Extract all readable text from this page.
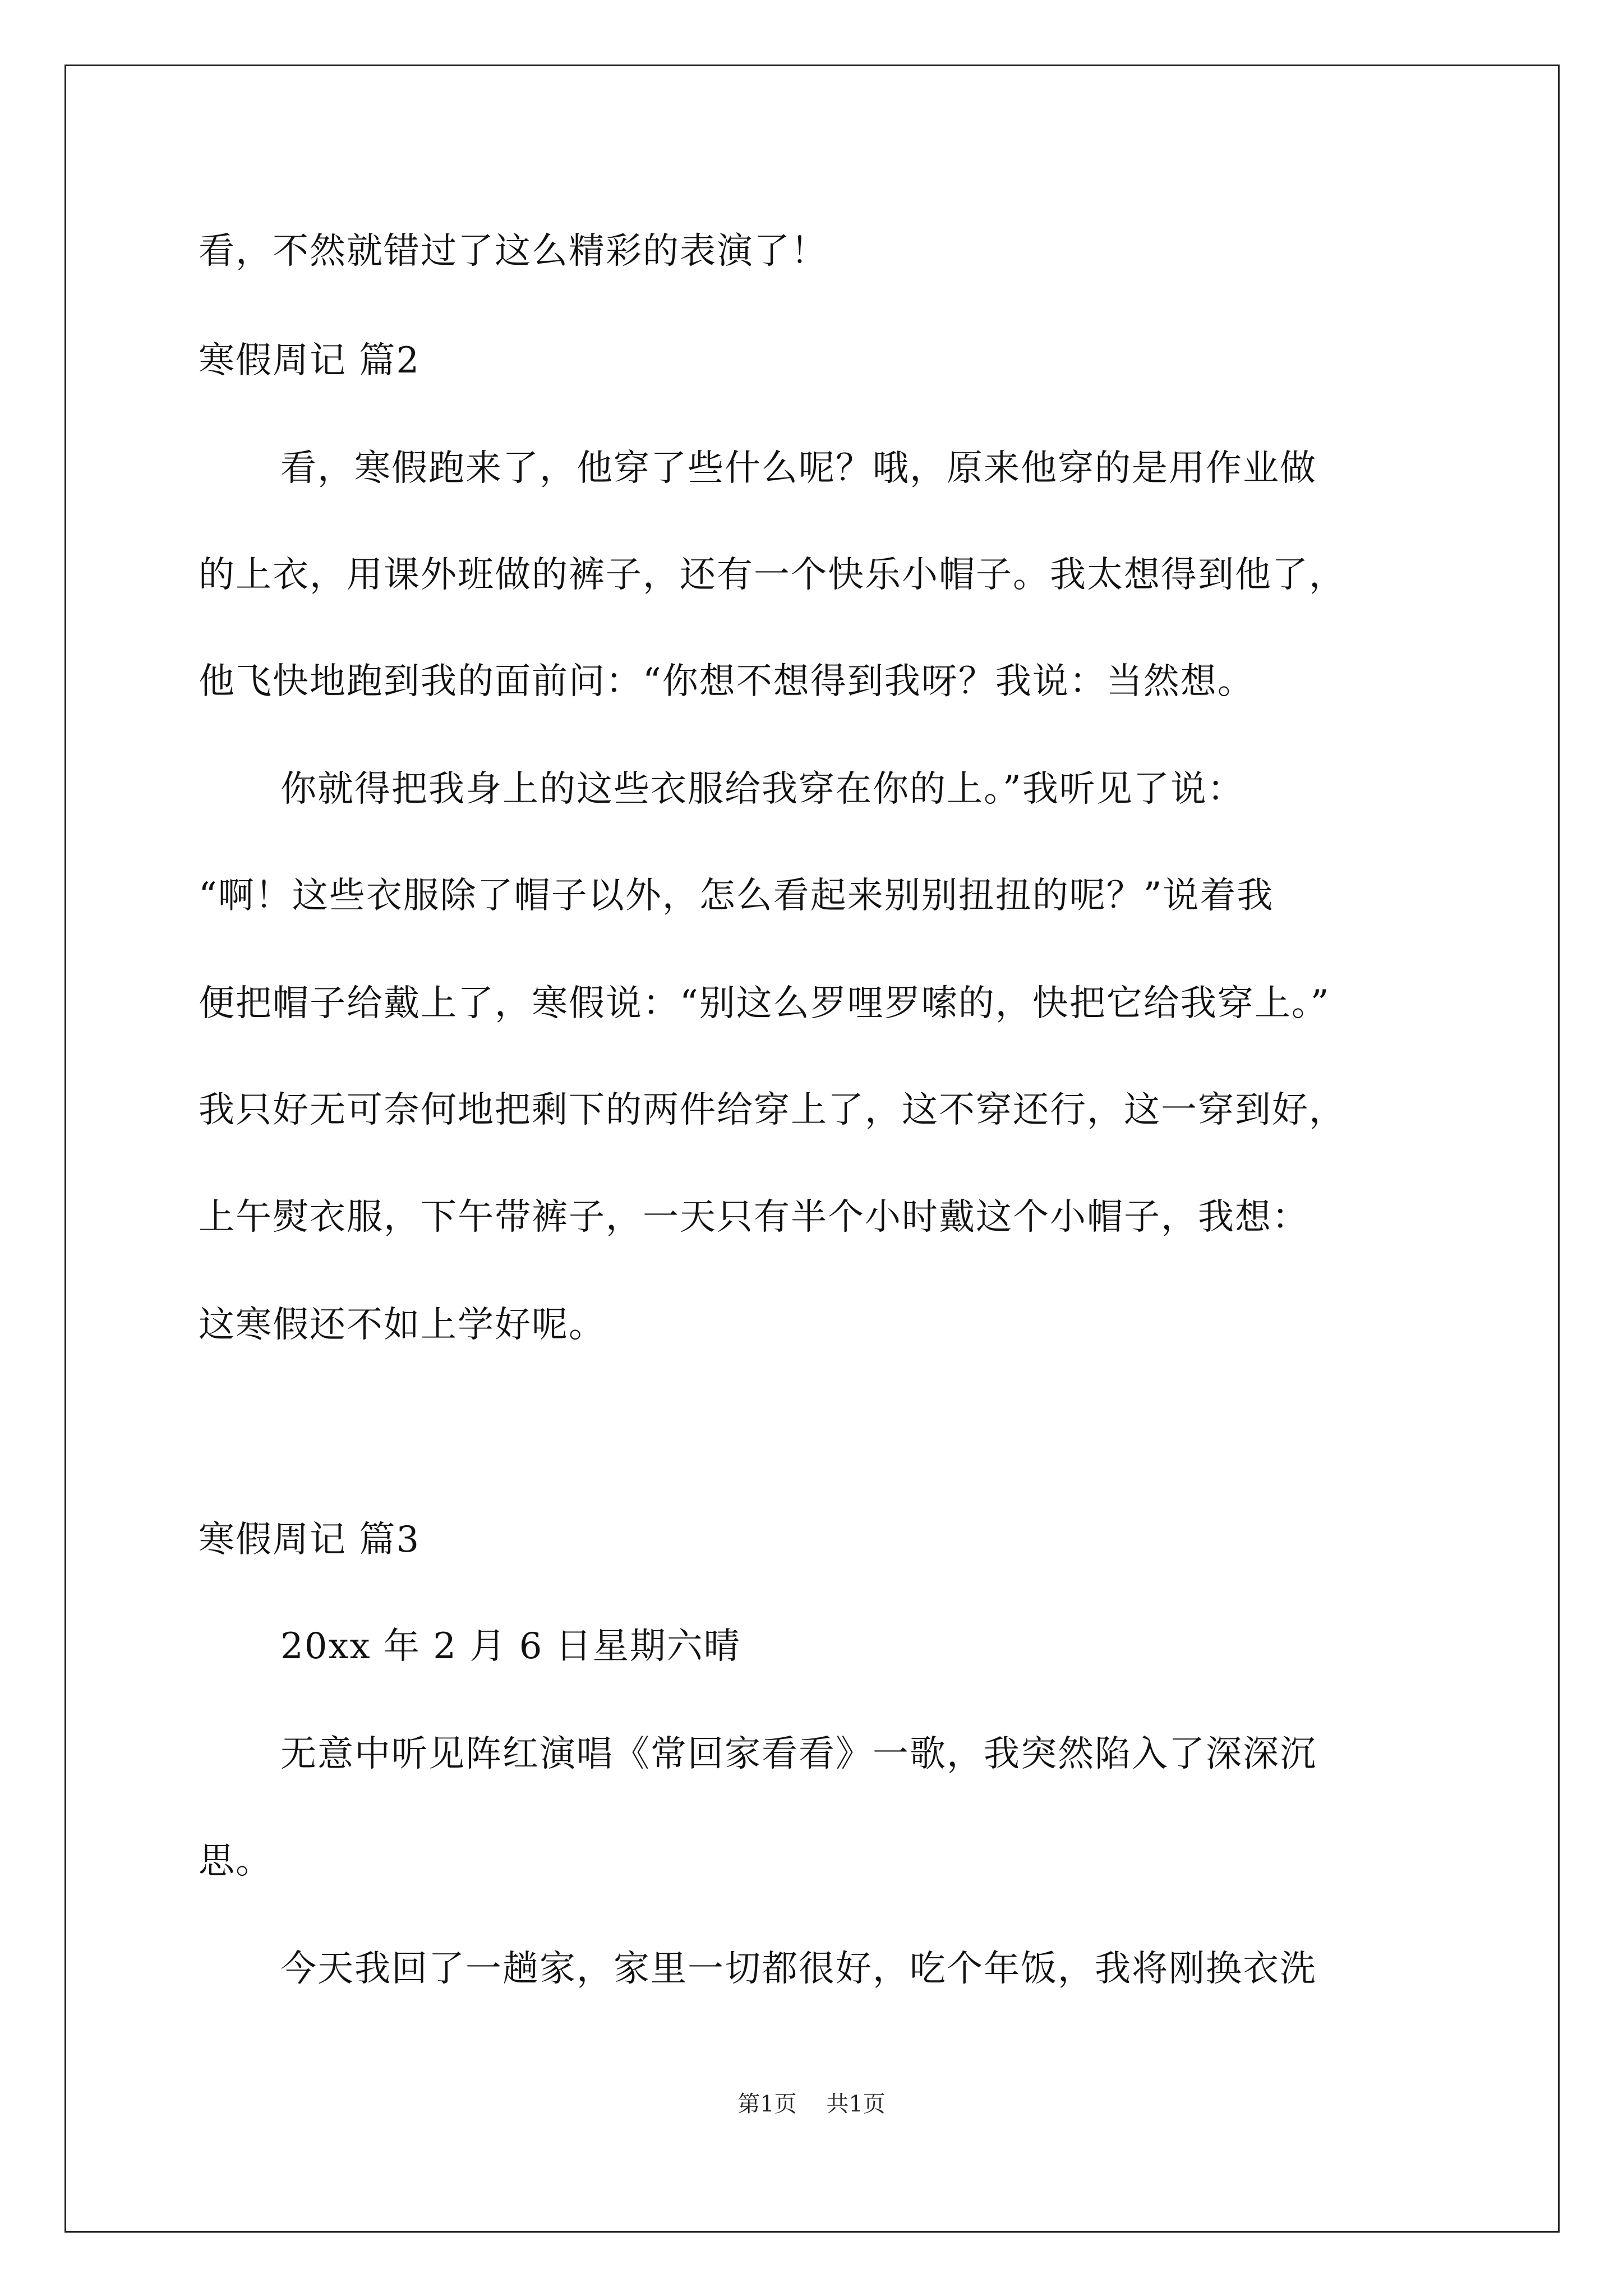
看，不然就错过了这么精彩的表演了！
寒假周记 篇2
看，寒假跑来了，他穿了些什么呢？哦，原来他穿的是用作业做
的上衣，用课外班做的裤子，还有一个快乐小帽子。我太想得到他了，
他飞快地跑到我的面前问：“你想不想得到我呀？我说：当然想。
你就得把我身上的这些衣服给我穿在你的上。”我听见了说：
“啊！这些衣服除了帽子以外，怎么看起来别别扭扭的呢？”说着我
便把帽子给戴上了，寒假说：“别这么罗哩罗嗦的，快把它给我穿上。”
我只好无可奈何地把剩下的两件给穿上了，这不穿还行，这一穿到好，
上午熨衣服，下午带裤子，一天只有半个小时戴这个小帽子，我想：
这寒假还不如上学好呢。
寒假周记 篇3
20xx 年 2 月 6 日星期六晴
无意中听见阵红演唱《常回家看看》一歌，我突然陷入了深深沉
思。
今天我回了一趟家，家里一切都很好，吃个年饭，我将刚换衣洗
第1页 共1页
